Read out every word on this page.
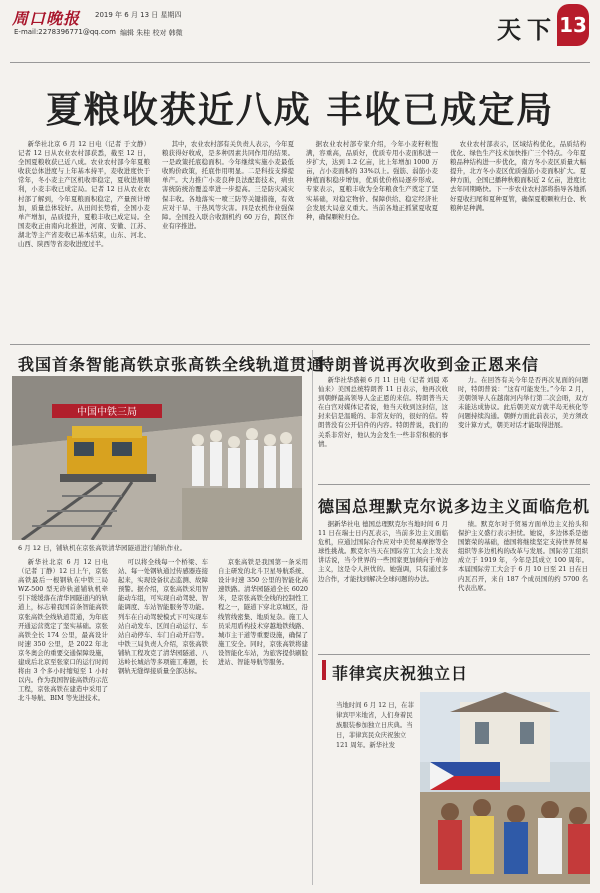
周口晚报 2019 年 6 月 13 日 星期四
E-mail:2278396771@qq.com 编辑 朱桂 校对 韩微	天下 13
夏粮收获近八成 丰收已成定局

新华社北京 6 月 12 日电（记者 于文静）记者 12 日从农业农村部获悉，截至 12 日，全国夏粮收获已近八成。农业农村部今年夏粮收获总体进度与上年基本持平，麦收进度快于常年，冬小麦主产区机收率稳定，夏收进展顺利，小麦丰收已成定局。记者 12 日从农业农村部了解到，今年夏粮面积稳定，产量预计增加，质量总体较好。从田间长势看，全国小麦单产增加，品质提升，夏粮丰收已成定局。全国麦收正由南向北推进，河南、安徽、江苏、湖北等主产省麦收已基本结束，山东、河北、山西、陕西等省麦收进度过半。

其中，农业农村部有关负责人表示，今年夏粮获得好收成，是多种因素共同作用的结果。一是政策托底稳面积。今年继续实施小麦最低收购价政策，托底作用明显。二是科技支撑提单产。大力推广小麦良种良法配套技术，病虫害统防统治覆盖率进一步提高。三是防灾减灾保丰收。各地落实一喷三防等关键措施，有效应对干旱、干热风等灾害。四是农机作业强保障。全国投入联合收割机约 60 万台，跨区作业有序推进。

据农业农村部专家介绍，今年小麦籽粒饱满，容重高，品质好，优质专用小麦面积进一步扩大，达到 1.2 亿亩，比上年增加 1000 万亩，占小麦面积的 33%以上。强筋、弱筋小麦种植面积稳步增加，优质优价格局逐步形成。专家表示，夏粮丰收为全年粮食生产奠定了坚实基础，对稳定物价、保障供给、稳定经济社会发展大局意义重大。当前各地正抓紧夏收夏种，确保颗粒归仓。

农业农村部表示，区域结构优化，品质结构优化、绿色生产技术加快推广三个特点。今年夏粮品种结构进一步优化，南方冬小麦区质量大幅提升，北方冬小麦区优质强筋小麦面积扩大。夏种方面，全国已播种秋粮面积近 2 亿亩，进度比去年同期略快。下一步农业农村部将指导各地抓好夏收扫尾和夏种夏管，确保夏粮颗粒归仓、秋粮种足种满。

我国首条智能高铁京张高铁全线轨道贯通
中国中铁三局
6 月 12 日，铺轨机在京张高铁清华园隧道进行铺轨作业。

新华社北京 6 月 12 日电（记者 丁静）12 日上午，京张高铁最后一根钢轨在中铁三局 WZ-500 型无砟轨道铺轨机牵引下缓缓落在清华园隧道内的轨道上，标志着我国首条智能高铁京张高铁全线轨道贯通，为年底开通运营奠定了坚实基础。京张高铁全长 174 公里，最高设计时速 350 公里，是 2022 年北京冬奥会的重要交通保障设施，建成后北京至张家口的运行时间将由 3 个多小时缩短至 1 小时以内。作为我国智能高铁的示范工程，京张高铁在建造中采用了北斗导航、BIM 等先进技术。

可以将全线每一个桥梁、车站、每一处钢轨通过传感器连接起来，实现设备状态监测、故障预警。据介绍，京张高铁采用智能动车组，可实现自动驾驶、智能调度、车站智能服务等功能。列车在自动驾驶模式下可实现车站自动发车、区间自动运行、车站自动停车、车门自动开启等。中铁三局负责人介绍，京张高铁铺轨工程攻克了清华园隧道、八达岭长城站等多项施工难题，长钢轨无缝焊接质量全部达标。

京张高铁是我国第一条采用自主研发的北斗卫星导航系统、设计时速 350 公里的智能化高速铁路。清华园隧道全长 6020 米，是京张高铁全线的控制性工程之一，隧道下穿北京城区，沿线管线密集、地质复杂。施工人员采用盾构技术穿越地铁线路、城市主干道等重要设施，确保了施工安全。同时，京张高铁将建设智能化车站，为旅客提供刷脸进站、智能导航等服务。

特朗普说再次收到金正恩来信

新华社华盛顿 6 月 11 日电（记者 刘晨 邓仙来）美国总统特朗普 11 日表示，他再次收到朝鲜最高领导人金正恩的来信。特朗普当天在白宫对媒体记者说，他当天收到这封信，这封来信是温暖的、非常友好的，很好的信。特朗普没有公开信件的内容。特朗普说，我们的关系非常好，他认为会发生一些非常积极的事情。

力。在回答有关今年是否再次见面的问题时，特朗普说：“这有可能发生。”今年 2 月，美朝领导人在越南河内举行第二次会晤，双方未能达成协议。此后朝美双方就半岛无核化等问题持续沟通。朝鲜方面此前表示，美方须改变计算方式，朝美对话才能取得进展。

德国总理默克尔说多边主义面临危机

据新华社电 德国总理默克尔当地时间 6 月 11 日在瑞士日内瓦表示，当前多边主义面临危机，应通过国际合作应对中美贸易摩擦等全球性挑战。默克尔当天在国际劳工大会上发表讲话说，当今世界的一些国家更加倾向于单边主义，这是令人担忧的。她强调，只有通过多边合作，才能找到解决全球问题的办法。

绩。默克尔对于贸易方面单边主义抬头和保护主义盛行表示担忧。她说，多边体系是德国繁荣的基础，德国将继续坚定支持世界贸易组织等多边机构的改革与发展。国际劳工组织成立于 1919 年，今年是其成立 100 周年。本届国际劳工大会于 6 月 10 日至 21 日在日内瓦召开，来自 187 个成员国的约 5700 名代表出席。

菲律宾庆祝独立日
当地时间 6 月 12 日，在菲律宾甲米地省，人们身着民族服装参加独立日庆典。当日，菲律宾民众庆祝独立 121 周年。新华社发
